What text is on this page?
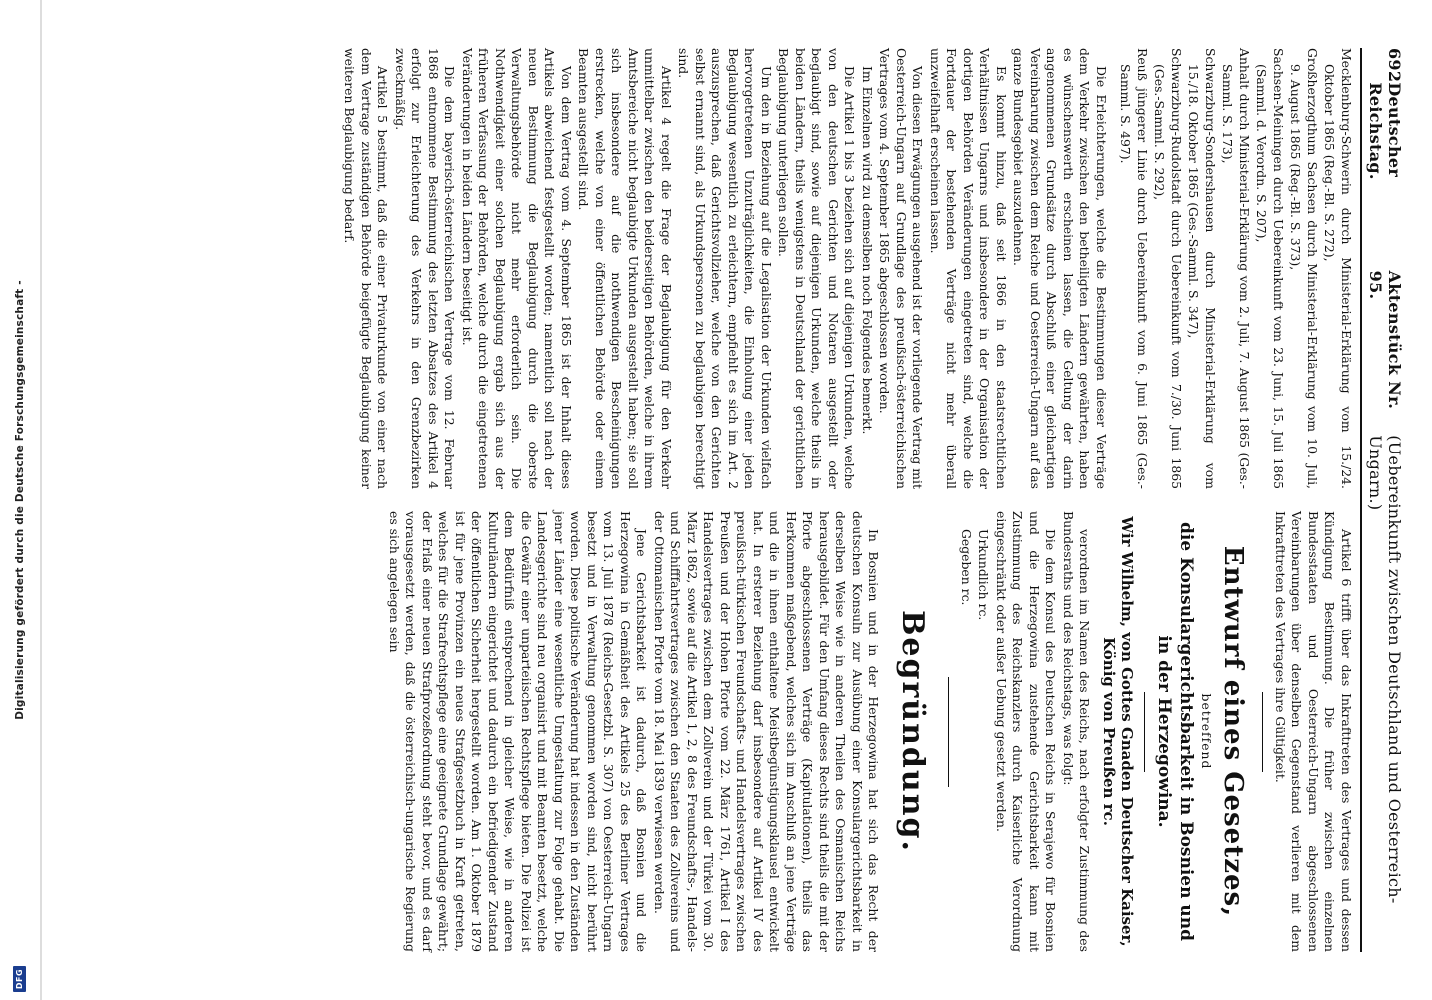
Digitalisierung gefördert durch die Deutsche Forschungsgemeinschaft -
DFG
692
Deutscher Reichstag.
Aktenstück Nr. 95.
(Uebereinkunft zwischen Deutschland und Oesterreich-Ungarn.)
Mecklenburg-Schwerin durch Ministerial-Erklärung vom 15./24. Oktober 1865 (Reg.-Bl. S. 272),
Großherzogthum Sachsen durch Ministerial-Erklärung vom 10. Juli, 9. August 1865 (Reg.-Bl. S. 373),
Sachsen-Meiningen durch Uebereinkunft vom 23. Juni, 15. Juli 1865 (Samml. d. Verordn. S. 207),
Anhalt durch Ministerial-Erklärung vom 2. Juli, 7. August 1865 (Ges.-Samml. S. 173),
Schwarzburg-Sondershausen durch Ministerial-Erklärung vom 15./18. Oktober 1865 (Ges.-Samml. S. 347),
Schwarzburg-Rudolstadt durch Uebereinkunft vom 7./30. Juni 1865 (Ges.-Samml. S. 292),
Reuß jüngerer Linie durch Uebereinkunft vom 6. Juni 1865 (Ges.-Samml. S. 497).

Die Erleichterungen, welche die Bestimmungen dieser Verträge dem Verkehr zwischen den betheiligten Ländern gewährten, haben es wünschenswerth erscheinen lassen, die Geltung der darin angenommenen Grundsätze durch Abschluß einer gleichartigen Vereinbarung zwischen dem Reiche und Oesterreich-Ungarn auf das ganze Bundesgebiet auszudehnen.

Es kommt hinzu, daß seit 1866 in den staatsrechtlichen Verhältnissen Ungarns und insbesondere in der Organisation der dortigen Behörden Veränderungen eingetreten sind, welche die Fortdauer der bestehenden Verträge nicht mehr überall unzweifelhaft erscheinen lassen.

Von diesen Erwägungen ausgehend ist der vorliegende Vertrag mit Oesterreich-Ungarn auf Grundlage des preußisch-österreichischen Vertrages vom 4. September 1865 abgeschlossen worden.

Im Einzelnen wird zu demselben noch Folgendes bemerkt.

Die Artikel 1 bis 3 beziehen sich auf diejenigen Urkunden, welche von den deutschen Gerichten und Notaren ausgestellt oder beglaubigt sind, sowie auf diejenigen Urkunden, welche theils in beiden Ländern, theils wenigstens in Deutschland der gerichtlichen Beglaubigung unterliegen sollen.

Um den in Beziehung auf die Legalisation der Urkunden vielfach hervorgetretenen Unzuträglichkeiten, die Einholung einer jeden Beglaubigung wesentlich zu erleichtern, empfiehlt es sich im Art. 2 auszusprechen, daß Gerichtsvollzieher, welche von den Gerichten selbst ernannt sind, als Urkundspersonen zu beglaubigen berechtigt sind.

Artikel 4 regelt die Frage der Beglaubigung für den Verkehr unmittelbar zwischen den beiderseitigen Behörden, welche in ihrem Amtsbereiche nicht beglaubigte Urkunden ausgestellt haben; sie soll sich insbesondere auf die nothwendigen Bescheinigungen erstrecken, welche von einer öffentlichen Behörde oder einem Beamten ausgestellt sind.

Von dem Vertrag vom 4. September 1865 ist der Inhalt dieses Artikels abweichend festgestellt worden; namentlich soll nach der neuen Bestimmung die Beglaubigung durch die oberste Verwaltungsbehörde nicht mehr erforderlich sein. Die Nothwendigkeit einer solchen Beglaubigung ergab sich aus der früheren Verfassung der Behörden, welche durch die eingetretenen Veränderungen in beiden Ländern beseitigt ist.

Die dem bayerisch-österreichischen Vertrage vom 12. Februar 1868 entnommene Bestimmung des letzten Absatzes des Artikel 4 erfolgt zur Erleichterung des Verkehrs in den Grenzbezirken zweckmäßig.

Artikel 5 bestimmt, daß die einer Privaturkunde von einer nach dem Vertrage zuständigen Behörde beigefügte Beglaubigung keiner weiteren Beglaubigung bedarf.

Artikel 6 trifft über das Inkrafttreten des Vertrages und dessen Kündigung Bestimmung. Die früher zwischen einzelnen Bundesstaaten und Oesterreich-Ungarn abgeschlossenen Vereinbarungen über denselben Gegenstand verlieren mit dem Inkrafttreten des Vertrages ihre Gültigkeit.

Entwurf eines Gesetzes,
betreffend
die Konsulargerichtsbarkeit in Bosnien und in der Herzegowina.
Wir Wilhelm, von Gottes Gnaden Deutscher Kaiser, König von Preußen rc.

verordnen im Namen des Reichs, nach erfolgter Zustimmung des Bundesraths und des Reichstags, was folgt:

Die dem Konsul des Deutschen Reichs in Serajewo für Bosnien und die Herzegowina zustehende Gerichtsbarkeit kann mit Zustimmung des Reichskanzlers durch Kaiserliche Verordnung eingeschränkt oder außer Uebung gesetzt werden.

Urkundlich rc.

Gegeben rc.

Begründung.

In Bosnien und in der Herzegowina hat sich das Recht der deutschen Konsuln zur Ausübung einer Konsulargerichtsbarkeit in derselben Weise wie in anderen Theilen des Osmanischen Reichs herausgebildet. Für den Umfang dieses Rechts sind theils die mit der Pforte abgeschlossenen Verträge (Kapitulationen), theils das Herkommen maßgebend, welches sich im Anschluß an jene Verträge und die in ihnen enthaltene Meistbegünstigungsklausel entwickelt hat. In ersterer Beziehung darf insbesondere auf Artikel IV des preußisch-türkischen Freundschafts- und Handelsvertrages zwischen Preußen und der Hohen Pforte vom 22. März 1761, Artikel I des Handelsvertrages zwischen dem Zollverein und der Türkei vom 30. März 1862, sowie auf die Artikel 1, 2, 8 des Freundschafts-, Handels- und Schifffahrtsvertrages zwischen den Staaten des Zollvereins und der Ottomanischen Pforte vom 18. Mai 1839 verwiesen werden.

Jene Gerichtsbarkeit ist dadurch, daß Bosnien und die Herzegowina in Gemäßheit des Artikels 25 des Berliner Vertrages vom 13. Juli 1878 (Reichs-Gesetzbl. S. 307) von Oesterreich-Ungarn besetzt und in Verwaltung genommen worden sind, nicht berührt worden. Diese politische Veränderung hat indessen in den Zuständen jener Länder eine wesentliche Umgestaltung zur Folge gehabt. Die Landesgerichte sind neu organisirt und mit Beamten besetzt, welche die Gewähr einer unparteiischen Rechtspflege bieten. Die Polizei ist dem Bedürfniß entsprechend in gleicher Weise, wie in anderen Kulturländern eingerichtet und dadurch ein befriedigender Zustand der öffentlichen Sicherheit hergestellt worden. Am 1. Oktober 1879 ist für jene Provinzen ein neues Strafgesetzbuch in Kraft getreten, welches für die Strafrechtspflege eine geeignete Grundlage gewährt; der Erlaß einer neuen Strafprozeßordnung steht bevor, und es darf vorausgesetzt werden, daß die österreichisch-ungarische Regierung es sich angelegen sein
